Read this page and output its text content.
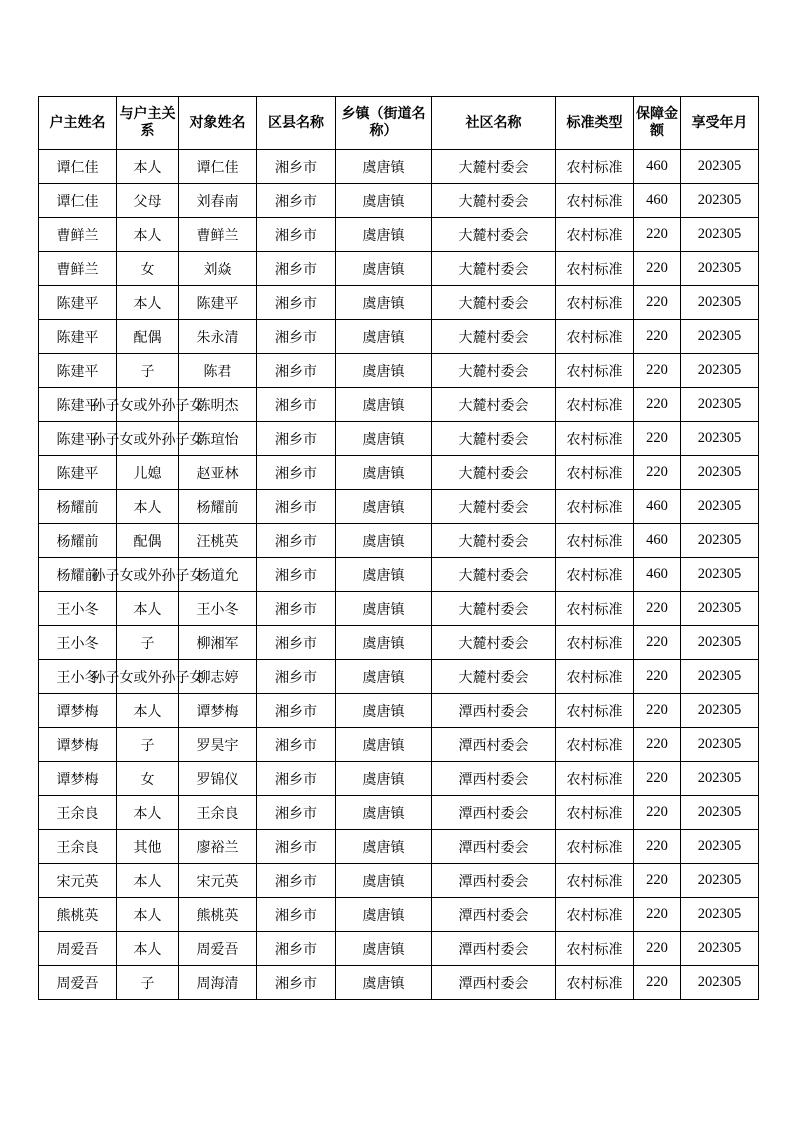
户主姓名	与户主关系	对象姓名	区县名称	乡镇（街道名称）	社区名称	标准类型	保障金额	享受年月
谭仁佳	本人	谭仁佳	湘乡市	虞唐镇	大麓村委会	农村标准	460	202305
谭仁佳	父母	刘春南	湘乡市	虞唐镇	大麓村委会	农村标准	460	202305
曹鲜兰	本人	曹鲜兰	湘乡市	虞唐镇	大麓村委会	农村标准	220	202305
曹鲜兰	女	刘焱	湘乡市	虞唐镇	大麓村委会	农村标准	220	202305
陈建平	本人	陈建平	湘乡市	虞唐镇	大麓村委会	农村标准	220	202305
陈建平	配偶	朱永清	湘乡市	虞唐镇	大麓村委会	农村标准	220	202305
陈建平	子	陈君	湘乡市	虞唐镇	大麓村委会	农村标准	220	202305
陈建平	孙子女或外孙子女	陈明杰	湘乡市	虞唐镇	大麓村委会	农村标准	220	202305
陈建平	孙子女或外孙子女	陈瑄怡	湘乡市	虞唐镇	大麓村委会	农村标准	220	202305
陈建平	儿媳	赵亚林	湘乡市	虞唐镇	大麓村委会	农村标准	220	202305
杨耀前	本人	杨耀前	湘乡市	虞唐镇	大麓村委会	农村标准	460	202305
杨耀前	配偶	汪桃英	湘乡市	虞唐镇	大麓村委会	农村标准	460	202305
杨耀前	孙子女或外孙子女	杨道允	湘乡市	虞唐镇	大麓村委会	农村标准	460	202305
王小冬	本人	王小冬	湘乡市	虞唐镇	大麓村委会	农村标准	220	202305
王小冬	子	柳湘军	湘乡市	虞唐镇	大麓村委会	农村标准	220	202305
王小冬	孙子女或外孙子女	柳志婷	湘乡市	虞唐镇	大麓村委会	农村标准	220	202305
谭梦梅	本人	谭梦梅	湘乡市	虞唐镇	潭西村委会	农村标准	220	202305
谭梦梅	子	罗昊宇	湘乡市	虞唐镇	潭西村委会	农村标准	220	202305
谭梦梅	女	罗锦仪	湘乡市	虞唐镇	潭西村委会	农村标准	220	202305
王余良	本人	王余良	湘乡市	虞唐镇	潭西村委会	农村标准	220	202305
王余良	其他	廖裕兰	湘乡市	虞唐镇	潭西村委会	农村标准	220	202305
宋元英	本人	宋元英	湘乡市	虞唐镇	潭西村委会	农村标准	220	202305
熊桃英	本人	熊桃英	湘乡市	虞唐镇	潭西村委会	农村标准	220	202305
周爱吾	本人	周爱吾	湘乡市	虞唐镇	潭西村委会	农村标准	220	202305
周爱吾	子	周海清	湘乡市	虞唐镇	潭西村委会	农村标准	220	202305
